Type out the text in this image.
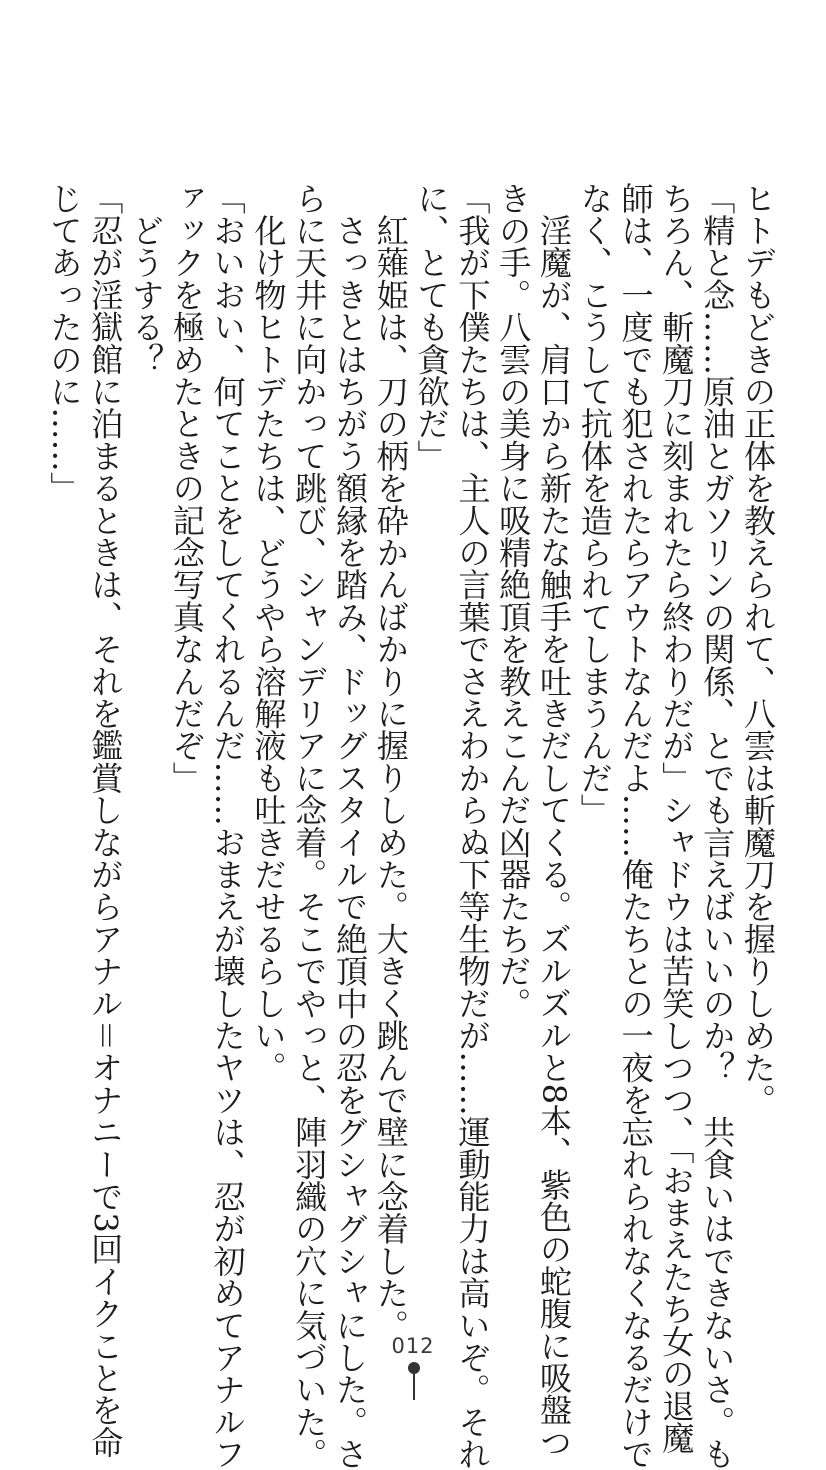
ヒトデもどきの正体を教えられて、八雲は斬魔刀を握りしめた。
「精と念……原油とガソリンの関係、とでも言えばいいのか？　共食いはできないさ。も
ちろん、斬魔刀に刻まれたら終わりだが」シャドウは苦笑しつつ、「おまえたち女の退魔
師は、一度でも犯されたらアウトなんだよ……俺たちとの一夜を忘れられなくなるだけで
なく、こうして抗体を造られてしまうんだ」
　淫魔が、肩口から新たな触手を吐きだしてくる。ズルズルと8本、紫色の蛇腹に吸盤つ
きの手。八雲の美身に吸精絶頂を教えこんだ凶器たちだ。
「我が下僕たちは、主人の言葉でさえわからぬ下等生物だが……運動能力は高いぞ。それ
に、とても貪欲だ」
　紅薙姫は、刀の柄を砕かんばかりに握りしめた。大きく跳んで壁に念着した。
　さっきとはちがう額縁を踏み、ドッグスタイルで絶頂中の忍をグシャグシャにした。さ
らに天井に向かって跳び、シャンデリアに念着。そこでやっと、陣羽織の穴に気づいた。
　化け物ヒトデたちは、どうやら溶解液も吐きだせるらしい。
「おいおい、何てことをしてくれるんだ……おまえが壊したヤツは、忍が初めてアナルフ
ァックを極めたときの記念写真なんだぞ」
　どうする？
「忍が淫獄館に泊まるときは、それを鑑賞しながらアナル＝オナニーで3回イクことを命
じてあったのに……」
012
